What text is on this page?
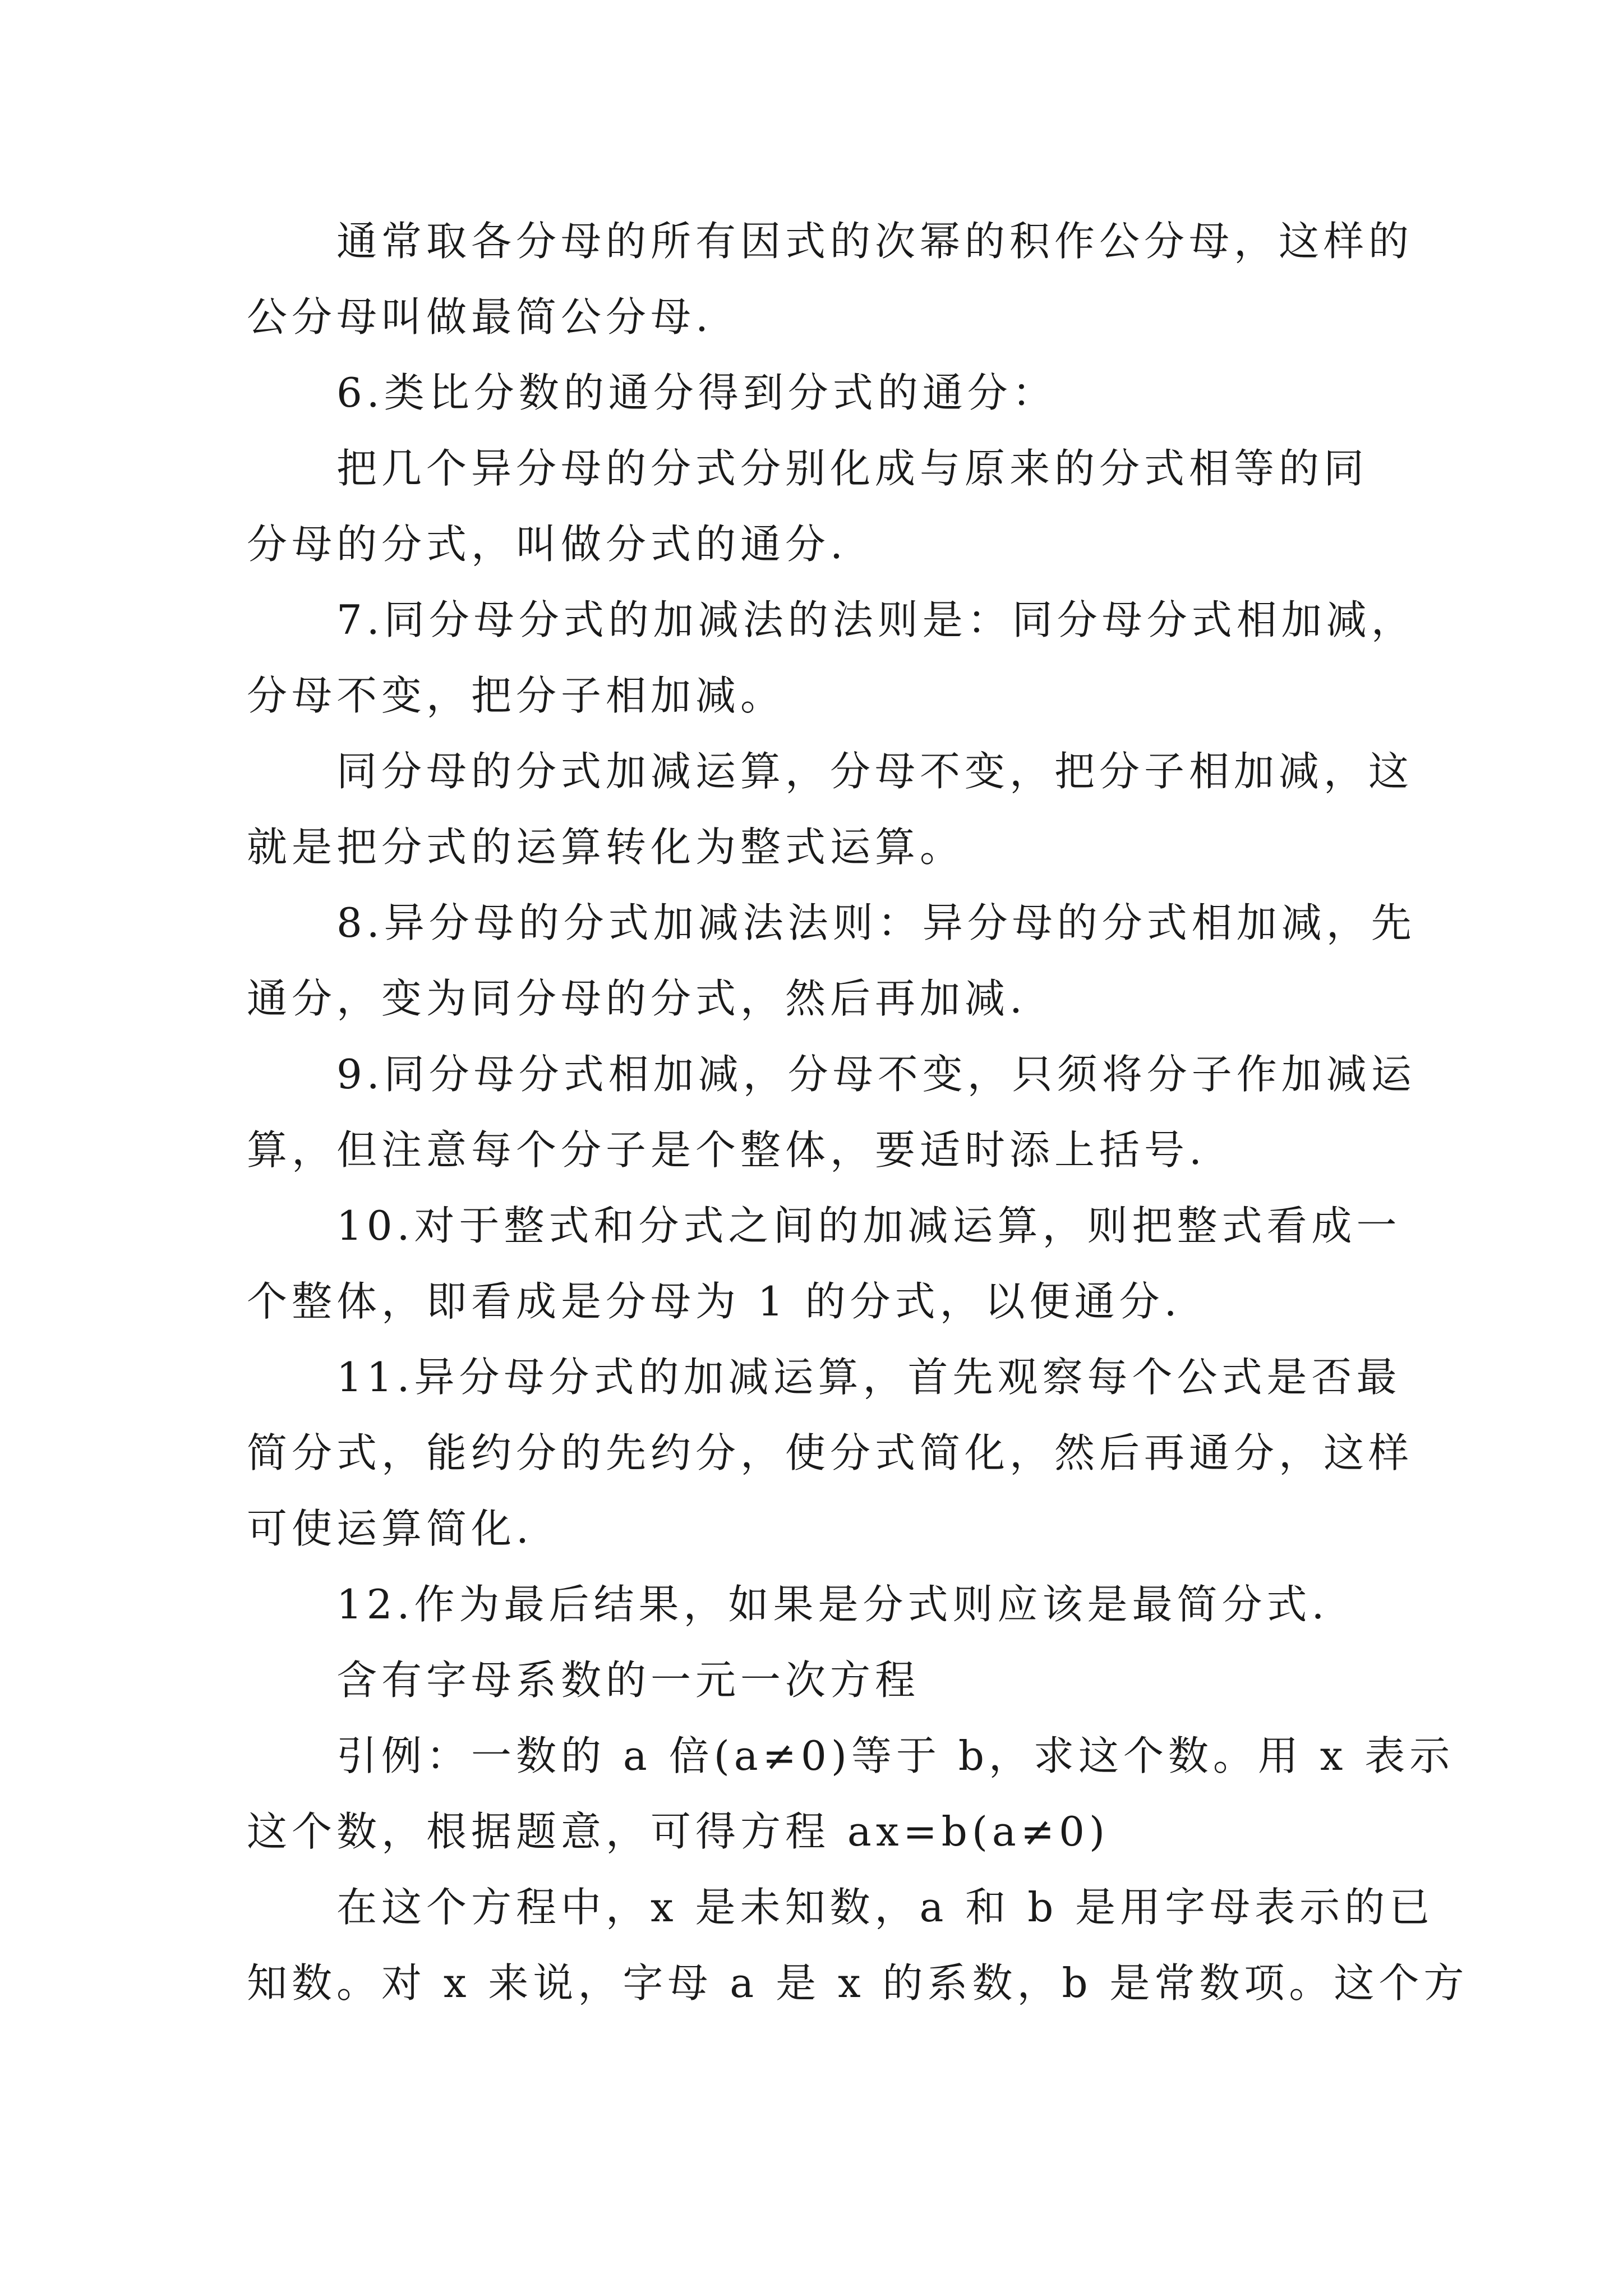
通常取各分母的所有因式的次幂的积作公分母，这样的
公分母叫做最简公分母.
6.类比分数的通分得到分式的通分：
把几个异分母的分式分别化成与原来的分式相等的同
分母的分式，叫做分式的通分.
7.同分母分式的加减法的法则是：同分母分式相加减，
分母不变，把分子相加减。
同分母的分式加减运算，分母不变，把分子相加减，这
就是把分式的运算转化为整式运算。
8.异分母的分式加减法法则：异分母的分式相加减，先
通分，变为同分母的分式，然后再加减.
9.同分母分式相加减，分母不变，只须将分子作加减运
算，但注意每个分子是个整体，要适时添上括号.
10.对于整式和分式之间的加减运算，则把整式看成一
个整体，即看成是分母为 1 的分式，以便通分.
11.异分母分式的加减运算，首先观察每个公式是否最
简分式，能约分的先约分，使分式简化，然后再通分，这样
可使运算简化.
12.作为最后结果，如果是分式则应该是最简分式.
含有字母系数的一元一次方程
引例：一数的 a 倍(a≠0)等于 b，求这个数。用 x 表示
这个数，根据题意，可得方程 ax=b(a≠0)
在这个方程中，x 是未知数，a 和 b 是用字母表示的已
知数。对 x 来说，字母 a 是 x 的系数，b 是常数项。这个方
